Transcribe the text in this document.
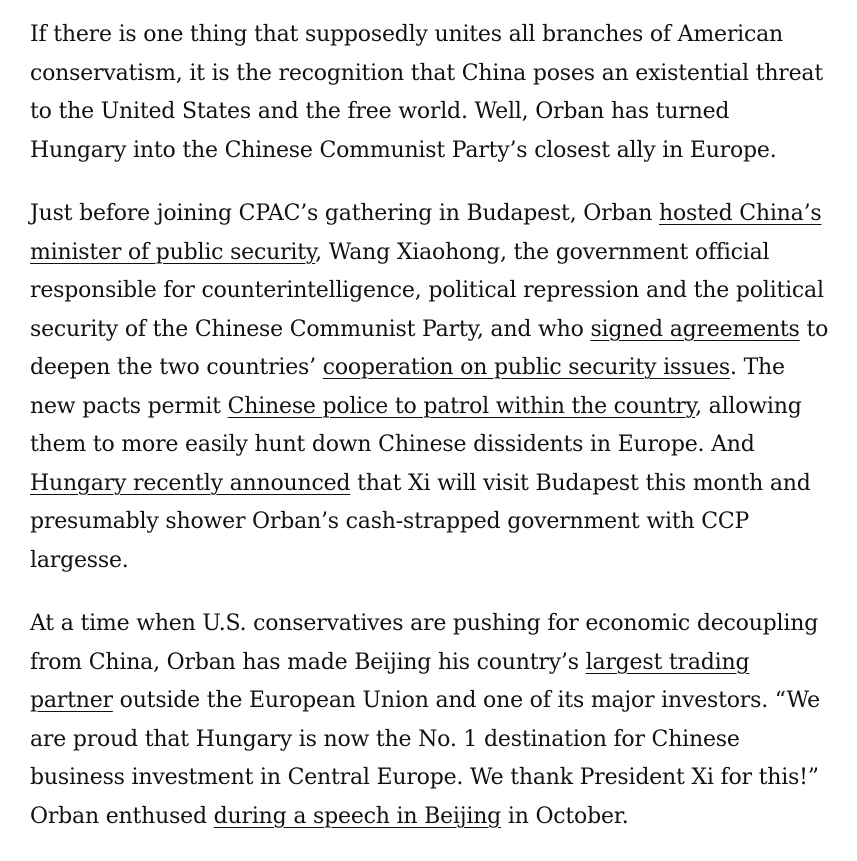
If there is one thing that supposedly unites all branches of American conservatism, it is the recognition that China poses an existential threat to the United States and the free world. Well, Orban has turned Hungary into the Chinese Communist Party’s closest ally in Europe.

Just before joining CPAC’s gathering in Budapest, Orban hosted China’s minister of public security, Wang Xiaohong, the government official responsible for counterintelligence, political repression and the political security of the Chinese Communist Party, and who signed agreements to deepen the two countries’ cooperation on public security issues. The new pacts permit Chinese police to patrol within the country, allowing them to more easily hunt down Chinese dissidents in Europe. And Hungary recently announced that Xi will visit Budapest this month and presumably shower Orban’s cash-strapped government with CCP largesse.

At a time when U.S. conservatives are pushing for economic decoupling from China, Orban has made Beijing his country’s largest trading partner outside the European Union and one of its major investors. “We are proud that Hungary is now the No. 1 destination for Chinese business investment in Central Europe. We thank President Xi for this!” Orban enthused during a speech in Beijing in October.
